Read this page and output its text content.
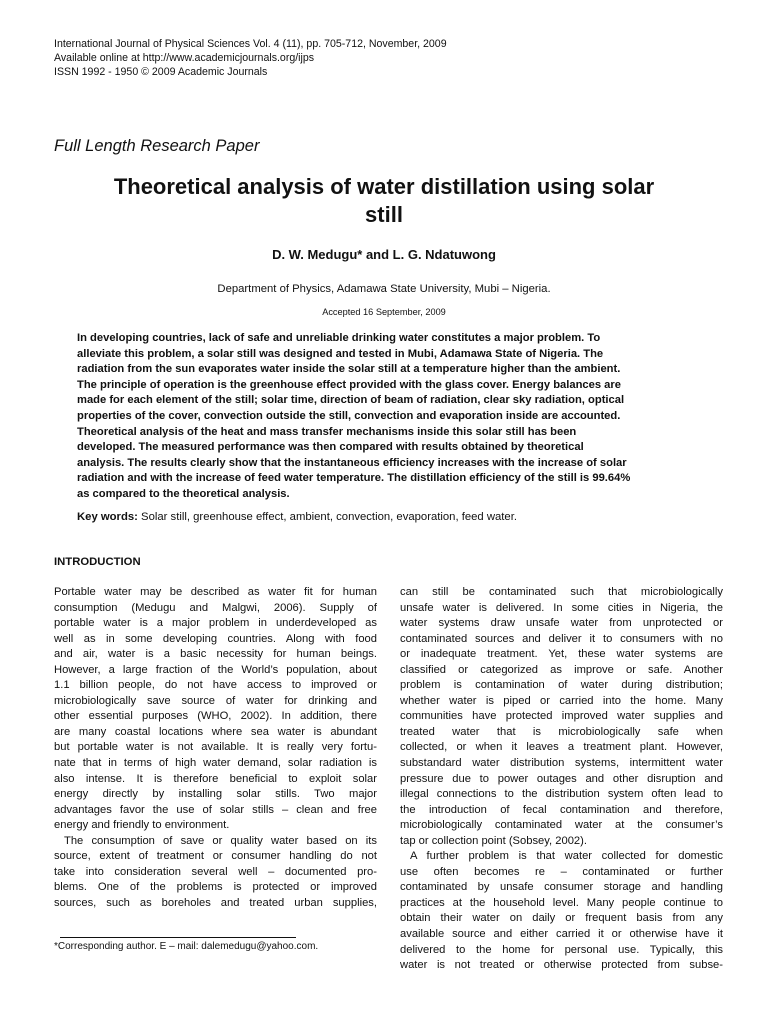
International Journal of Physical Sciences Vol. 4 (11), pp. 705-712, November, 2009
Available online at http://www.academicjournals.org/ijps
ISSN 1992 - 1950 © 2009 Academic Journals
Full Length Research Paper
Theoretical analysis of water distillation using solar
still
D. W. Medugu* and L. G. Ndatuwong
Department of Physics, Adamawa State University, Mubi – Nigeria.
Accepted 16 September, 2009
In developing countries, lack of safe and unreliable drinking water constitutes a major problem. To
alleviate this problem, a solar still was designed and tested in Mubi, Adamawa State of Nigeria. The
radiation from the sun evaporates water inside the solar still at a temperature higher than the ambient.
The principle of operation is the greenhouse effect provided with the glass cover. Energy balances are
made for each element of the still; solar time, direction of beam of radiation, clear sky radiation, optical
properties of the cover, convection outside the still, convection and evaporation inside are accounted.
Theoretical analysis of the heat and mass transfer mechanisms inside this solar still has been
developed. The measured performance was then compared with results obtained by theoretical
analysis. The results clearly show that the instantaneous efficiency increases with the increase of solar
radiation and with the increase of feed water temperature. The distillation efficiency of the still is 99.64%
as compared to the theoretical analysis.
Key words: Solar still, greenhouse effect, ambient, convection, evaporation, feed water.
INTRODUCTION
Portable water may be described as water fit for human
consumption (Medugu and Malgwi, 2006). Supply of
portable water is a major problem in underdeveloped as
well as in some developing countries. Along with food
and air, water is a basic necessity for human beings.
However, a large fraction of the World’s population, about
1.1 billion people, do not have access to improved or
microbiologically save source of water for drinking and
other essential purposes (WHO, 2002). In addition, there
are many coastal locations where sea water is abundant
but portable water is not available. It is really very fortu-
nate that in terms of high water demand, solar radiation is
also intense. It is therefore beneficial to exploit solar
energy directly by installing solar stills. Two major
advantages favor the use of solar stills – clean and free
energy and friendly to environment.
The consumption of save or quality water based on its
source, extent of treatment or consumer handling do not
take into consideration several well – documented pro-
blems. One of the problems is protected or improved
sources, such as boreholes and treated urban supplies,
can still be contaminated such that microbiologically
unsafe water is delivered. In some cities in Nigeria, the
water systems draw unsafe water from unprotected or
contaminated sources and deliver it to consumers with no
or inadequate treatment. Yet, these water systems are
classified or categorized as improve or safe. Another
problem is contamination of water during distribution;
whether water is piped or carried into the home. Many
communities have protected improved water supplies and
treated water that is microbiologically safe when
collected, or when it leaves a treatment plant. However,
substandard water distribution systems, intermittent water
pressure due to power outages and other disruption and
illegal connections to the distribution system often lead to
the introduction of fecal contamination and therefore,
microbiologically contaminated water at the consumer’s
tap or collection point (Sobsey, 2002).
A further problem is that water collected for domestic
use often becomes re – contaminated or further
contaminated by unsafe consumer storage and handling
practices at the household level. Many people continue to
obtain their water on daily or frequent basis from any
available source and either carried it or otherwise have it
delivered to the home for personal use. Typically, this
water is not treated or otherwise protected from subse-
*Corresponding author. E – mail: dalemedugu@yahoo.com.
